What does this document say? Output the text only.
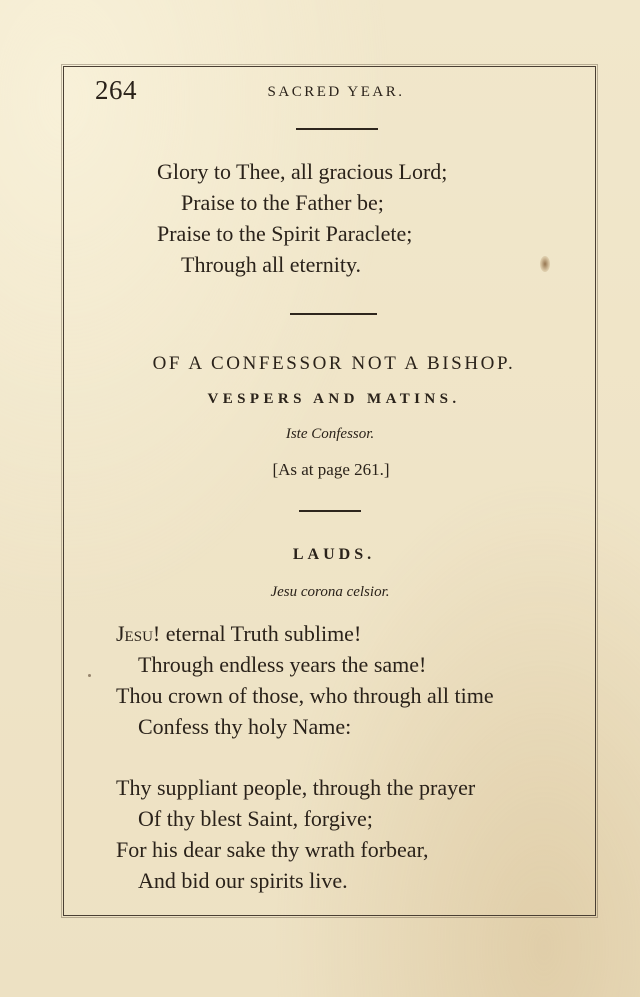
264	SACRED YEAR.
Glory to Thee, all gracious Lord;
Praise to the Father be;
Praise to the Spirit Paraclete;
Through all eternity.
OF A CONFESSOR NOT A BISHOP.
VESPERS AND MATINS.
Iste Confessor.
[As at page 261.]
LAUDS.
Jesu corona celsior.
Jesu! eternal Truth sublime!
Through endless years the same!
Thou crown of those, who through all time
Confess thy holy Name:
Thy suppliant people, through the prayer
Of thy blest Saint, forgive;
For his dear sake thy wrath forbear,
And bid our spirits live.
